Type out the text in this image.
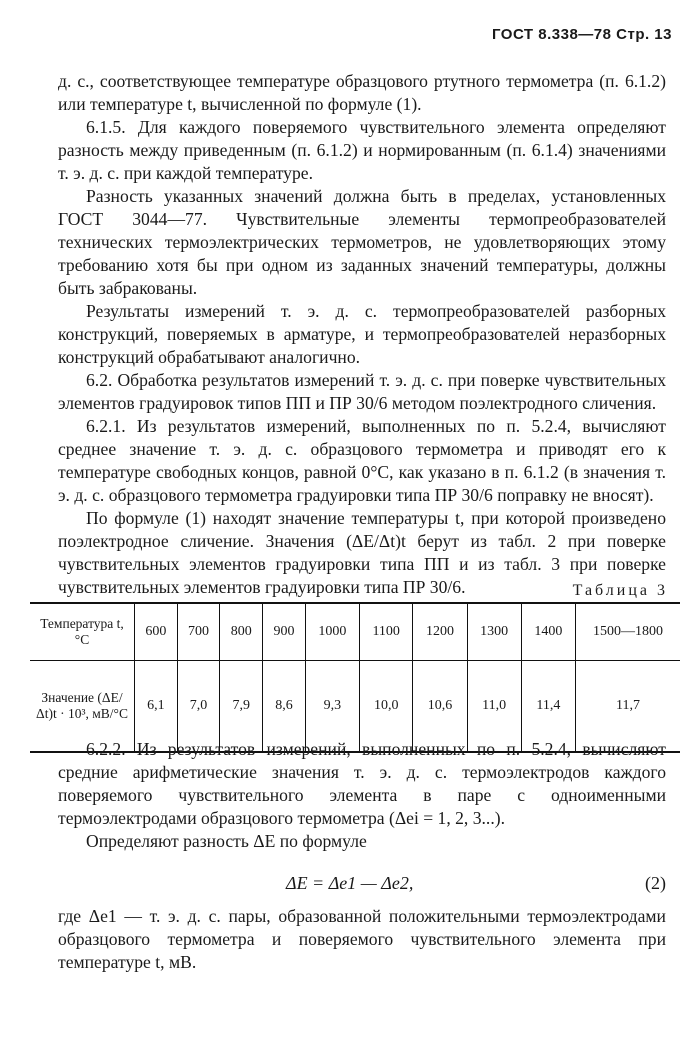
ГОСТ 8.338—78 Стр. 13

д. с., соответствующее температуре образцового ртутного термометра (п. 6.1.2) или температуре t, вычисленной по формуле (1).

6.1.5. Для каждого поверяемого чувствительного элемента определяют разность между приведенным (п. 6.1.2) и нормированным (п. 6.1.4) значениями т. э. д. с. при каждой температуре.

Разность указанных значений должна быть в пределах, установленных ГОСТ 3044—77. Чувствительные элементы термопреобразователей технических термоэлектрических термометров, не удовлетворяющих этому требованию хотя бы при одном из заданных значений температуры, должны быть забракованы.

Результаты измерений т. э. д. с. термопреобразователей разборных конструкций, поверяемых в арматуре, и термопреобразователей неразборных конструкций обрабатывают аналогично.

6.2. Обработка результатов измерений т. э. д. с. при поверке чувствительных элементов градуировок типов ПП и ПР 30/6 методом поэлектродного сличения.

6.2.1. Из результатов измерений, выполненных по п. 5.2.4, вычисляют среднее значение т. э. д. с. образцового термометра и приводят его к температуре свободных концов, равной 0°С, как указано в п. 6.1.2 (в значения т. э. д. с. образцового термометра градуировки типа ПР 30/6 поправку не вносят).

По формуле (1) находят значение температуры t, при которой произведено поэлектродное сличение. Значения (ΔE/Δt)t берут из табл. 2 при поверке чувствительных элементов градуировки типа ПП и из табл. 3 при поверке чувствительных элементов градуировки типа ПР 30/6.	Таблица 3
Температура t, °С	600	700	800	900	1000	1100	1200	1300	1400	1500—1800
Значение (ΔE/Δt)t · 10³, мВ/°С	6,1	7,0	7,9	8,6	9,3	10,0	10,6	11,0	11,4	11,7

6.2.2. Из результатов измерений, выполненных по п. 5.2.4, вычисляют средние арифметические значения т. э. д. с. термоэлектродов каждого поверяемого чувствительного элемента в паре с одноименными термоэлектродами образцового термометра (Δei = 1, 2, 3...).

Определяют разность ΔE по формуле

ΔE = Δe1 — Δe2,	(2)

где Δe1 — т. э. д. с. пары, образованной положительными термоэлектродами образцового термометра и поверяемого чувствительного элемента при температуре t, мВ.
